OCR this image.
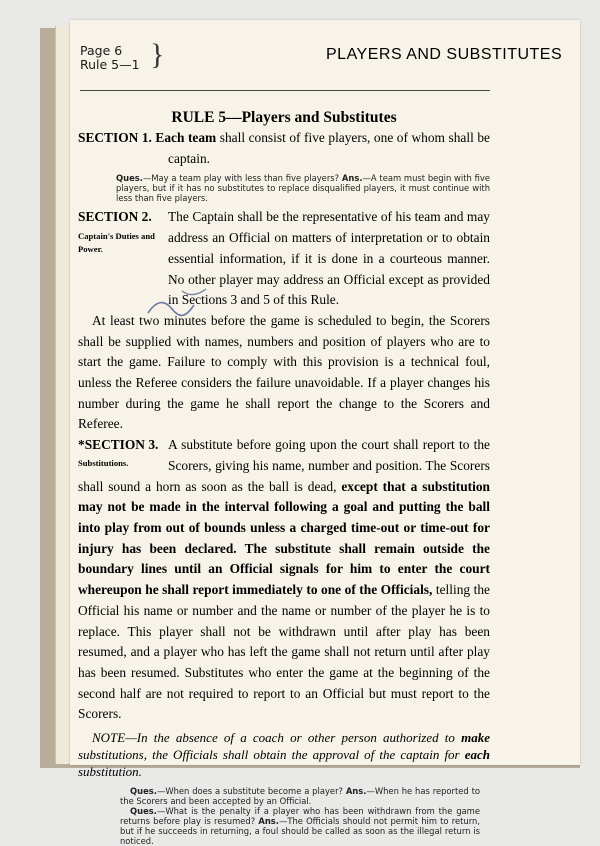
Page 6
Rule 5—1 }	PLAYERS AND SUBSTITUTES
RULE 5—Players and Substitutes

SECTION 1. Each team shall consist of five players, one of whom shall be captain.

Ques.—May a team play with less than five players? Ans.—A team must begin with five players, but if it has no substitutes to replace disqualified players, it must continue with less than five players.

SECTION 2.

Captain's Duties and Power.
The Captain shall be the representative of his team and may address an Official on matters of interpretation or to obtain essential information, if it is done in a courteous manner. No other player may address an Official except as provided in Sections 3 and 5 of this Rule.

At least two minutes before the game is scheduled to begin, the Scorers shall be supplied with names, numbers and position of players who are to start the game. Failure to comply with this provision is a technical foul, unless the Referee considers the failure unavoidable. If a player changes his number during the game he shall report the change to the Scorers and Referee.

*SECTION 3.

Substitutions.
A substitute before going upon the court shall report to the Scorers, giving his name, number and position. The Scorers shall sound a horn as soon as the ball is dead, except that a substitution may not be made in the interval following a goal and putting the ball into play from out of bounds unless a charged time-out or time-out for injury has been declared. The substitute shall remain outside the boundary lines until an Official signals for him to enter the court whereupon he shall report immediately to one of the Officials, telling the Official his name or number and the name or number of the player he is to replace. This player shall not be withdrawn until after play has been resumed, and a player who has left the game shall not return until after play has been resumed. Substitutes who enter the game at the beginning of the second half are not required to report to an Official but must report to the Scorers.

NOTE—In the absence of a coach or other person authorized to make substitutions, the Officials shall obtain the approval of the captain for each substitution.

Ques.—When does a substitute become a player? Ans.—When he has reported to the Scorers and been accepted by an Official.
Ques.—What is the penalty if a player who has been withdrawn from the game returns before play is resumed? Ans.—The Officials should not permit him to return, but if he succeeds in returning, a foul should be called as soon as the illegal return is noticed.
